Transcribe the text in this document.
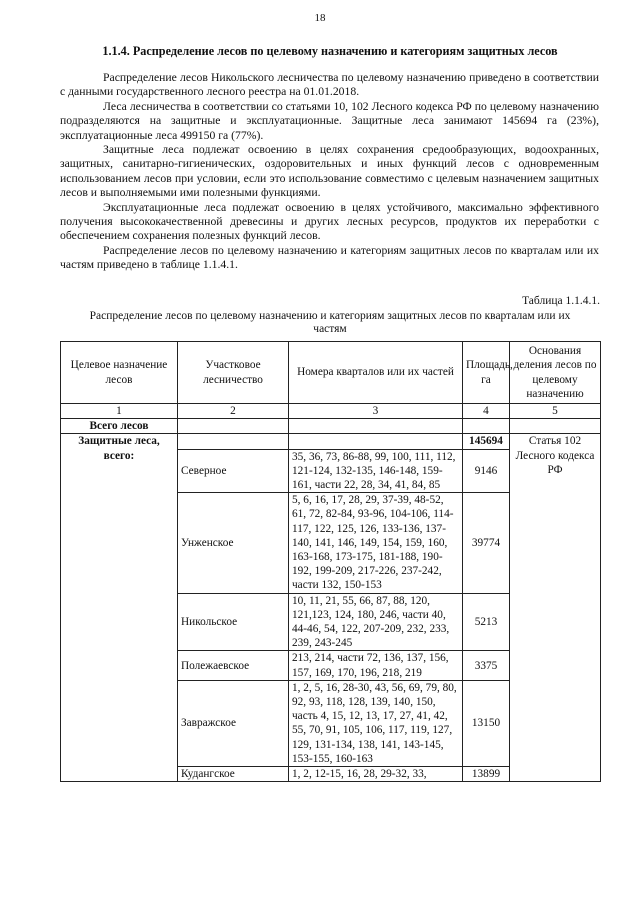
18
1.1.4. Распределение лесов по целевому назначению и категориям защитных лесов

Распределение лесов Никольского лесничества по целевому назначению приведено в соответствии с данными государственного лесного реестра на 01.01.2018.

Леса лесничества в соответствии со статьями 10, 102 Лесного кодекса РФ по целевому назначению подразделяются на защитные и эксплуатационные. Защитные леса занимают 145694 га (23%), эксплуатационные леса 499150 га (77%).

Защитные леса подлежат освоению в целях сохранения средообразующих, водоохранных, защитных, санитарно-гигиенических, оздоровительных и иных функций лесов с одновременным использованием лесов при условии, если это использование совместимо с целевым назначением защитных лесов и выполняемыми ими полезными функциями.

Эксплуатационные леса подлежат освоению в целях устойчивого, максимально эффективного получения высококачественной древесины и других лесных ресурсов, продуктов их переработки с обеспечением сохранения полезных функций лесов.

Распределение лесов по целевому назначению и категориям защитных лесов по кварталам или их частям приведено в таблице 1.1.4.1.

Таблица 1.1.4.1.
Распределение лесов по целевому назначению и категориям защитных лесов по кварталам или их частям
Целевое назначение лесов	Участковое лесничество	Номера кварталов или их частей	Площадь, га	Основания деления лесов по целевому назначению
1	2	3	4	5
Всего лесов				
Защитные леса, всего:			145694	Статья 102 Лесного кодекса РФ
	Северное	35, 36, 73, 86-88, 99, 100, 111, 112, 121-124, 132-135, 146-148, 159-161, части 22, 28, 34, 41, 84, 85	9146	
	Унженское	5, 6, 16, 17, 28, 29, 37-39, 48-52, 61, 72, 82-84, 93-96, 104-106, 114-117, 122, 125, 126, 133-136, 137-140, 141, 146, 149, 154, 159, 160, 163-168, 173-175, 181-188, 190-192, 199-209, 217-226, 237-242, части 132, 150-153	39774	
	Никольское	10, 11, 21, 55, 66, 87, 88, 120, 121,123, 124, 180, 246, части 40, 44-46, 54, 122, 207-209, 232, 233, 239, 243-245	5213	
	Полежаевское	213, 214, части 72, 136, 137, 156, 157, 169, 170, 196, 218, 219	3375	
	Завражское	1, 2, 5, 16, 28-30, 43, 56, 69, 79, 80, 92, 93, 118, 128, 139, 140, 150, часть 4, 15, 12, 13, 17, 27, 41, 42, 55, 70, 91, 105, 106, 117, 119, 127, 129, 131-134, 138, 141, 143-145, 153-155, 160-163	13150	
	Кудангское	1, 2, 12-15, 16, 28, 29-32, 33,	13899	
